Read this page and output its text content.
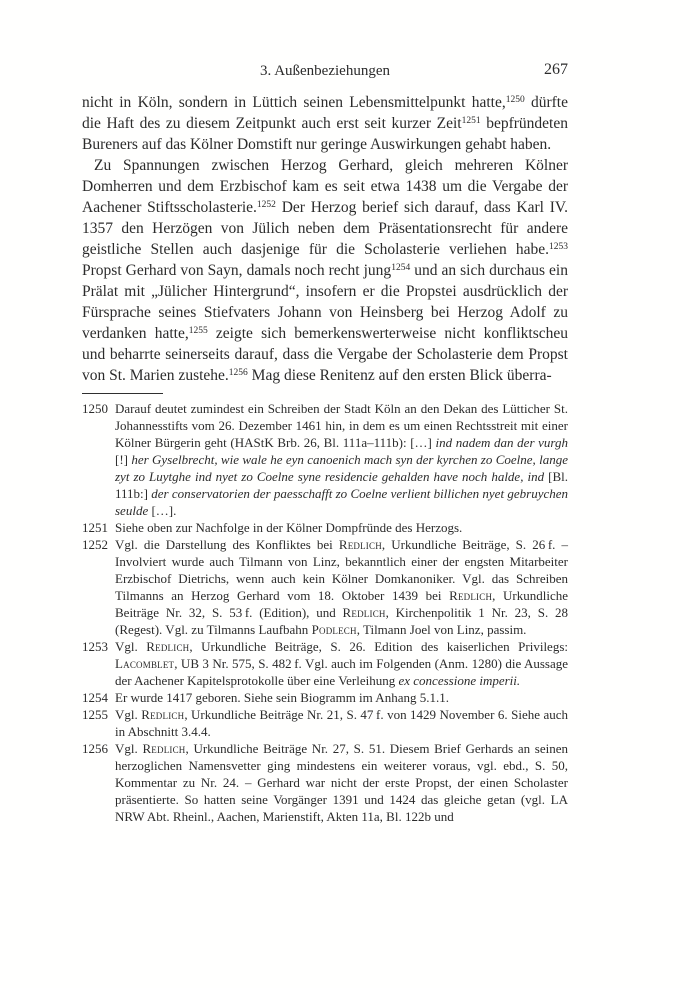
3. Außenbeziehungen	267

nicht in Köln, sondern in Lüttich seinen Lebensmittelpunkt hatte,$^{1250}$ dürfte die Haft des zu diesem Zeitpunkt auch erst seit kurzer Zeit$^{1251}$ bepfründeten Bureners auf das Kölner Domstift nur geringe Auswirkungen gehabt haben.

Zu Spannungen zwischen Herzog Gerhard, gleich mehreren Kölner Domherren und dem Erzbischof kam es seit etwa 1438 um die Vergabe der Aachener Stiftsscholasterie.$^{1252}$ Der Herzog berief sich darauf, dass Karl IV. 1357 den Herzögen von Jülich neben dem Präsentationsrecht für andere geistliche Stellen auch dasjenige für die Scholasterie verliehen habe.$^{1253}$ Propst Gerhard von Sayn, damals noch recht jung$^{1254}$ und an sich durchaus ein Prälat mit „Jülicher Hintergrund“, insofern er die Propstei ausdrücklich der Fürsprache seines Stiefvaters Johann von Heinsberg bei Herzog Adolf zu verdanken hatte,$^{1255}$ zeigte sich bemerkenswerterweise nicht konfliktscheu und beharrte seinerseits darauf, dass die Vergabe der Scholasterie dem Propst von St. Marien zustehe.$^{1256}$ Mag diese Renitenz auf den ersten Blick überra-

1250 Darauf deutet zumindest ein Schreiben der Stadt Köln an den Dekan des Lütticher St. Johannesstifts vom 26. Dezember 1461 hin, in dem es um einen Rechtsstreit mit einer Kölner Bürgerin geht (HAStK Brb. 26, Bl. 111a–111b): […] ind nadem dan der vurgh [!] her Gyselbrecht, wie wale he eyn canoenich mach syn der kyrchen zo Coelne, lange zyt zo Luytghe ind nyet zo Coelne syne residencie gehalden have noch halde, ind [Bl. 111b:] der conservatorien der paesschafft zo Coelne verlient billichen nyet gebruychen seulde […].
1251 Siehe oben zur Nachfolge in der Kölner Dompfründe des Herzogs.
1252 Vgl. die Darstellung des Konfliktes bei Redlich, Urkundliche Beiträge, S. 26 f. – Involviert wurde auch Tilmann von Linz, bekanntlich einer der engsten Mitarbeiter Erzbischof Dietrichs, wenn auch kein Kölner Domkanoniker. Vgl. das Schreiben Tilmanns an Herzog Gerhard vom 18. Oktober 1439 bei Redlich, Urkundliche Beiträge Nr. 32, S. 53 f. (Edition), und Redlich, Kirchenpolitik 1 Nr. 23, S. 28 (Regest). Vgl. zu Tilmanns Laufbahn Podlech, Tilmann Joel von Linz, passim.
1253 Vgl. Redlich, Urkundliche Beiträge, S. 26. Edition des kaiserlichen Privilegs: Lacomblet, UB 3 Nr. 575, S. 482 f. Vgl. auch im Folgenden (Anm. 1280) die Aussage der Aachener Kapitelsprotokolle über eine Verleihung ex concessione imperii.
1254 Er wurde 1417 geboren. Siehe sein Biogramm im Anhang 5.1.1.
1255 Vgl. Redlich, Urkundliche Beiträge Nr. 21, S. 47 f. von 1429 November 6. Siehe auch in Abschnitt 3.4.4.
1256 Vgl. Redlich, Urkundliche Beiträge Nr. 27, S. 51. Diesem Brief Gerhards an seinen herzoglichen Namensvetter ging mindestens ein weiterer voraus, vgl. ebd., S. 50, Kommentar zu Nr. 24. – Gerhard war nicht der erste Propst, der einen Scholaster präsentierte. So hatten seine Vorgänger 1391 und 1424 das gleiche getan (vgl. LA NRW Abt. Rheinl., Aachen, Marienstift, Akten 11a, Bl. 122b und
